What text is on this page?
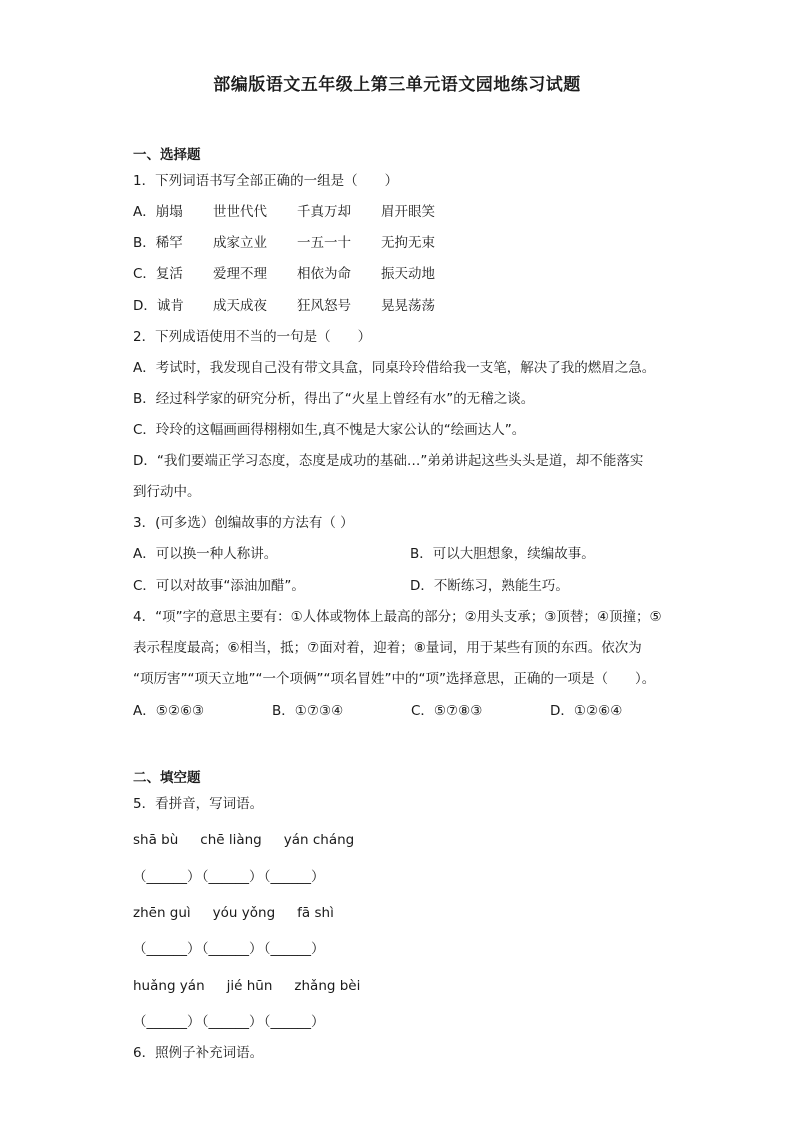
部编版语文五年级上第三单元语文园地练习试题
一、选择题
1．下列词语书写全部正确的一组是（　　）
A．崩塌 世世代代 千真万却 眉开眼笑
B．稀罕 成家立业 一五一十 无拘无束
C．复活 爱理不理 相依为命 振天动地
D．诚肯 成天成夜 狂风怒号 晃晃荡荡
2．下列成语使用不当的一句是（　　）
A．考试时，我发现自己没有带文具盒，同桌玲玲借给我一支笔，解决了我的燃眉之急。
B．经过科学家的研究分析，得出了“火星上曾经有水”的无稽之谈。
C．玲玲的这幅画画得栩栩如生,真不愧是大家公认的“绘画达人”。
D．“我们要端正学习态度，态度是成功的基础…”弟弟讲起这些头头是道，却不能落实
到行动中。
3．(可多选）创编故事的方法有（ ）
A．可以换一种人称讲。	B．可以大胆想象，续编故事。
C．可以对故事“添油加醋”。	D．不断练习，熟能生巧。
4．“项”字的意思主要有：①人体或物体上最高的部分；②用头支承；③顶替；④顶撞；⑤
表示程度最高；⑥相当，抵；⑦面对着，迎着；⑧量词，用于某些有顶的东西。依次为
“项厉害”“项天立地”“一个项俩”“项名冒姓”中的“项”选择意思，正确的一项是（　　）。
A．⑤②⑥③	B．①⑦③④	C．⑤⑦⑧③	D．①②⑥④
二、填空题
5．看拼音，写词语。
shā bù chē liàng yán cháng
（______）（______）（______）
zhēn guì yóu yǒng fā shì
（______）（______）（______）
huǎng yán jié hūn zhǎng bèi
（______）（______）（______）
6．照例子补充词语。
